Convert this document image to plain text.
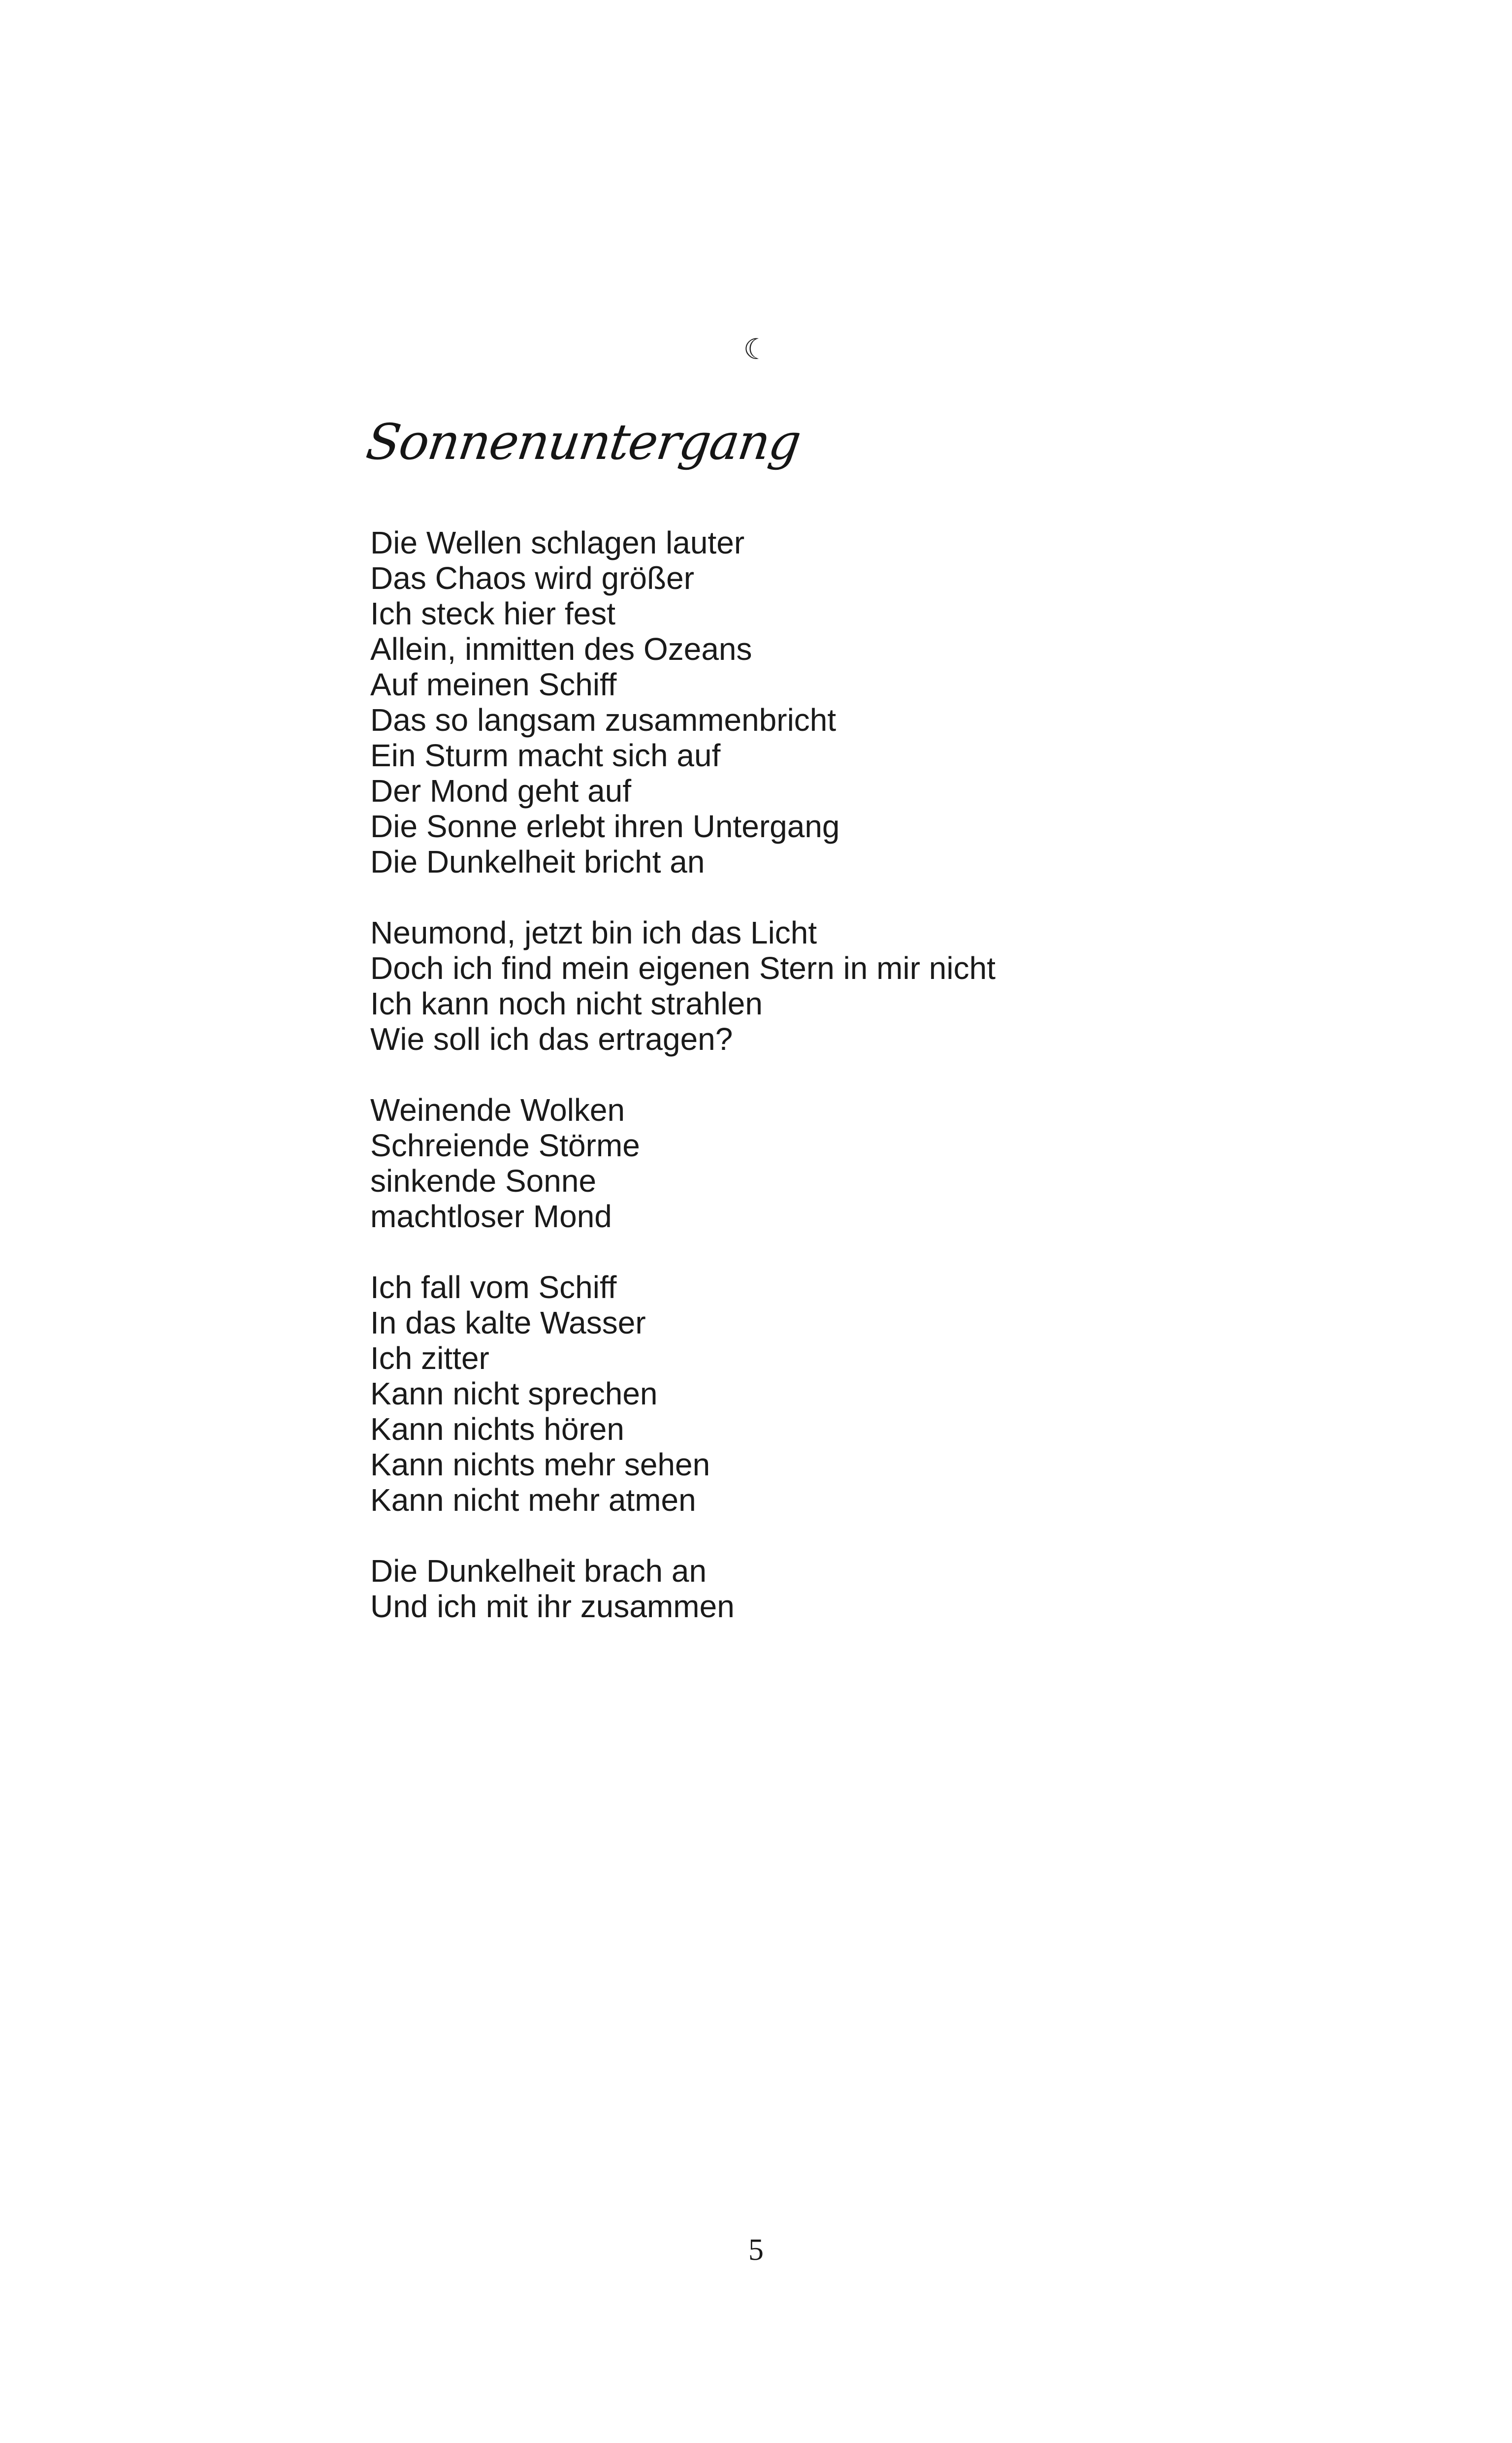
☾
Sonnenuntergang
Die Wellen schlagen lauter
Das Chaos wird größer
Ich steck hier fest
Allein, inmitten des Ozeans
Auf meinen Schiff
Das so langsam zusammenbricht
Ein Sturm macht sich auf
Der Mond geht auf
Die Sonne erlebt ihren Untergang
Die Dunkelheit bricht an
Neumond, jetzt bin ich das Licht
Doch ich find mein eigenen Stern in mir nicht
Ich kann noch nicht strahlen
Wie soll ich das ertragen?
Weinende Wolken
Schreiende Störme
sinkende Sonne
machtloser Mond
Ich fall vom Schiff
In das kalte Wasser
Ich zitter
Kann nicht sprechen
Kann nichts hören
Kann nichts mehr sehen
Kann nicht mehr atmen
Die Dunkelheit brach an
Und ich mit ihr zusammen
5
